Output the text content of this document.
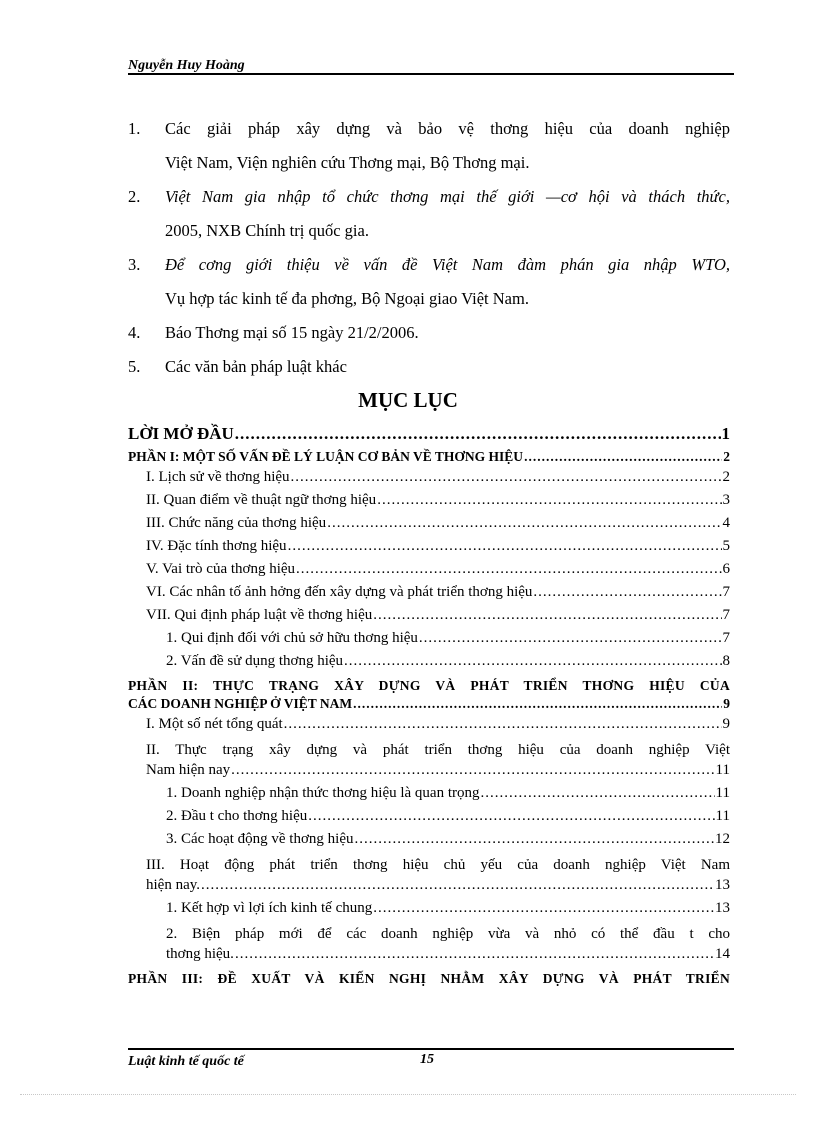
Nguyễn Huy Hoàng
1. Các giải pháp xây dựng và bảo vệ thơng hiệu của doanh nghiệp
Việt Nam, Viện nghiên cứu Thơng mại, Bộ Thơng mại.
2. Việt Nam gia nhập tổ chức thơng mại thế giới —cơ hội và thách thức,
2005, NXB Chính trị quốc gia.
3. Để cơng giới thiệu về vấn đề Việt Nam đàm phán gia nhập WTO,
Vụ hợp tác kinh tế đa phơng, Bộ Ngoại giao Việt Nam.
4. Báo Thơng mại số 15 ngày 21/2/2006.
5. Các văn bản pháp luật khác
MỤC LỤC
LỜI MỞ ĐẦU .....	1
PHẦN I: MỘT SỐ VẤN ĐỀ LÝ LUẬN CƠ BẢN VỀ THƠNG HIỆU .....	2
I. Lịch sử về thơng hiệu .....	2
II. Quan điểm về thuật ngữ thơng hiệu .....	3
III. Chức năng của thơng hiệu .....	4
IV. Đặc tính thơng hiệu .....	5
V. Vai trò của thơng hiệu .....	6
VI. Các nhân tố ảnh hởng đến xây dựng và phát triển thơng hiệu .....	7
VII. Qui định pháp luật về thơng hiệu .....	7
1. Qui định đối với chủ sở hữu thơng hiệu .....	7
2. Vấn đề sử dụng thơng hiệu .....	8
PHẦN II: THỰC TRẠNG XÂY DỰNG VÀ PHÁT TRIỂN THƠNG HIỆU CỦA
CÁC DOANH NGHIỆP Ở VIỆT NAM .....	9
I. Một số nét tổng quát .....	9
II. Thực trạng xây dựng và phát triển thơng hiệu của doanh nghiệp Việt
Nam hiện nay .....	11
1. Doanh nghiệp nhận thức thơng hiệu là quan trọng .....	11
2. Đầu t cho thơng hiệu .....	11
3. Các hoạt động về thơng hiệu .....	12
III. Hoạt động phát triển thơng hiệu chủ yếu của doanh nghiệp Việt Nam
hiện nay. .....	13
1. Kết hợp vì lợi ích kinh tế chung .....	13
2. Biện pháp mới để các doanh nghiệp vừa và nhỏ có thể đầu t cho
thơng hiệu. .....	14
PHẦN III: ĐỀ XUẤT VÀ KIẾN NGHỊ NHẰM XÂY DỰNG VÀ PHÁT TRIỂN
Luật kinh tế quốc tế	15
